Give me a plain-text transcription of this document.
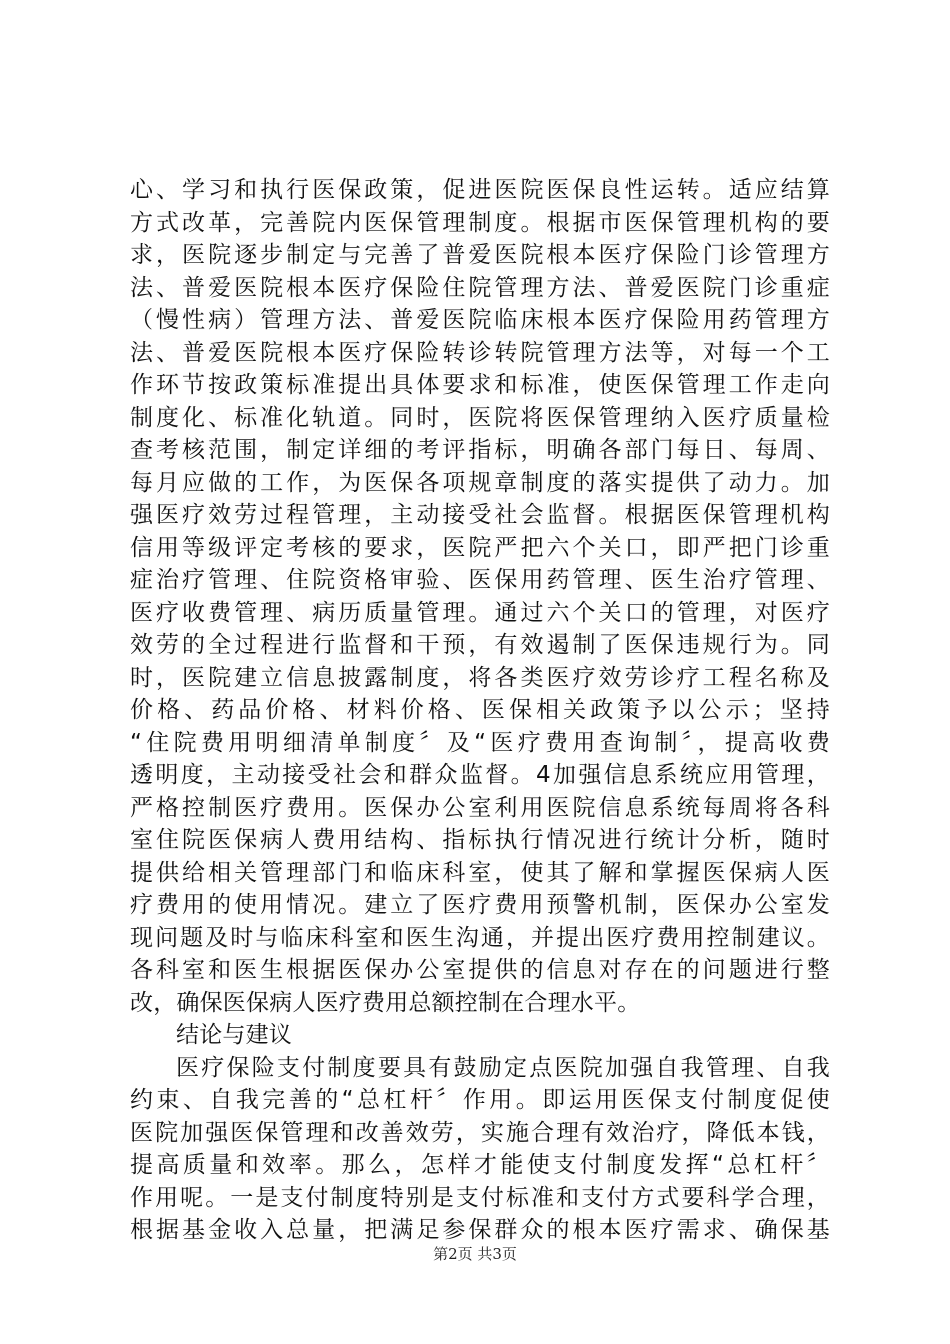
心、学习和执行医保政策，促进医院医保良性运转。适应结算
方式改革，完善院内医保管理制度。根据市医保管理机构的要
求，医院逐步制定与完善了普爱医院根本医疗保险门诊管理方
法、普爱医院根本医疗保险住院管理方法、普爱医院门诊重症
（慢性病）管理方法、普爱医院临床根本医疗保险用药管理方
法、普爱医院根本医疗保险转诊转院管理方法等，对每一个工
作环节按政策标准提出具体要求和标准，使医保管理工作走向
制度化、标准化轨道。同时，医院将医保管理纳入医疗质量检
查考核范围，制定详细的考评指标，明确各部门每日、每周、
每月应做的工作，为医保各项规章制度的落实提供了动力。加
强医疗效劳过程管理，主动接受社会监督。根据医保管理机构
信用等级评定考核的要求，医院严把六个关口，即严把门诊重
症治疗管理、住院资格审验、医保用药管理、医生治疗管理、
医疗收费管理、病历质量管理。通过六个关口的管理，对医疗
效劳的全过程进行监督和干预，有效遏制了医保违规行为。同
时，医院建立信息披露制度，将各类医疗效劳诊疗工程名称及
价格、药品价格、材料价格、医保相关政策予以公示；坚持
“住院费用明细清单制度〞及“医疗费用查询制〞，提高收费
透明度，主动接受社会和群众监督。4加强信息系统应用管理，
严格控制医疗费用。医保办公室利用医院信息系统每周将各科
室住院医保病人费用结构、指标执行情况进行统计分析，随时
提供给相关管理部门和临床科室，使其了解和掌握医保病人医
疗费用的使用情况。建立了医疗费用预警机制，医保办公室发
现问题及时与临床科室和医生沟通，并提出医疗费用控制建议。
各科室和医生根据医保办公室提供的信息对存在的问题进行整
改，确保医保病人医疗费用总额控制在合理水平。
结论与建议
医疗保险支付制度要具有鼓励定点医院加强自我管理、自我
约束、自我完善的“总杠杆〞作用。即运用医保支付制度促使
医院加强医保管理和改善效劳，实施合理有效治疗，降低本钱，
提高质量和效率。那么，怎样才能使支付制度发挥“总杠杆〞
作用呢。一是支付制度特别是支付标准和支付方式要科学合理，
根据基金收入总量，把满足参保群众的根本医疗需求、确保基
第2页 共3页
